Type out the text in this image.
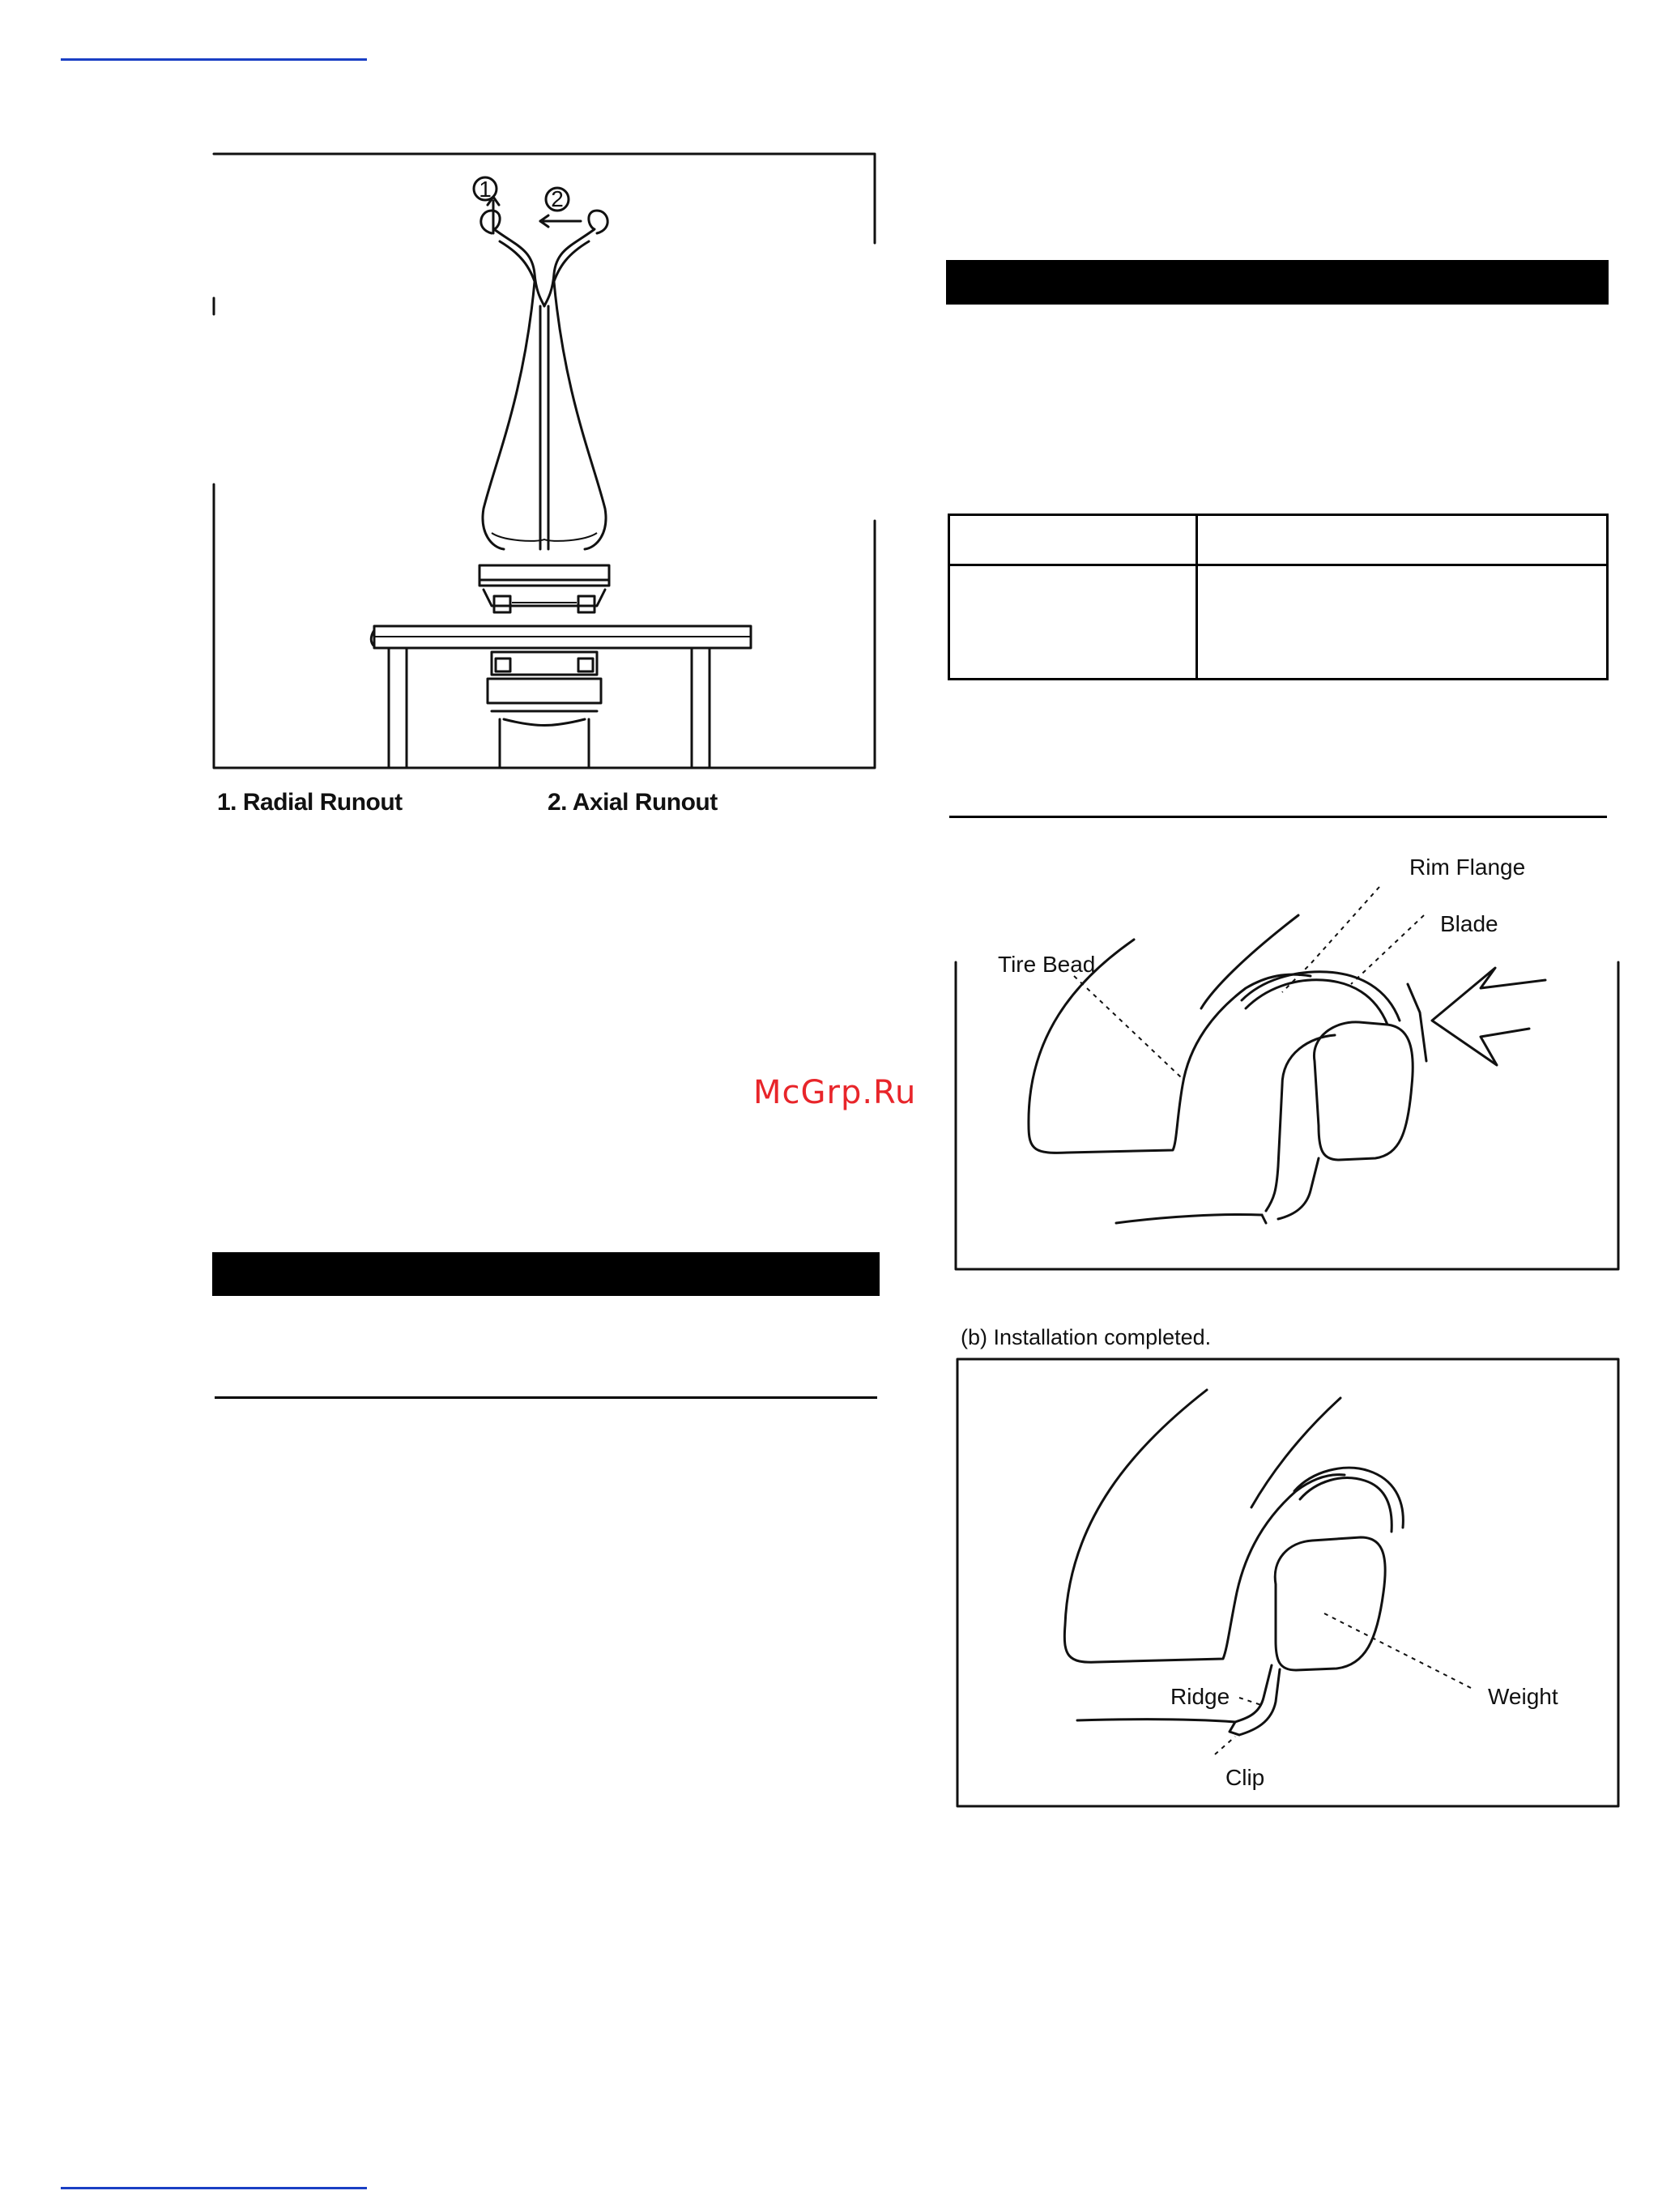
1	2
1. Radial Runout	2. Axial Runout
McGrp.Ru

Rim Flange
Blade
Tire Bead
(b) Installation completed.
Weight
Ridge
Clip
